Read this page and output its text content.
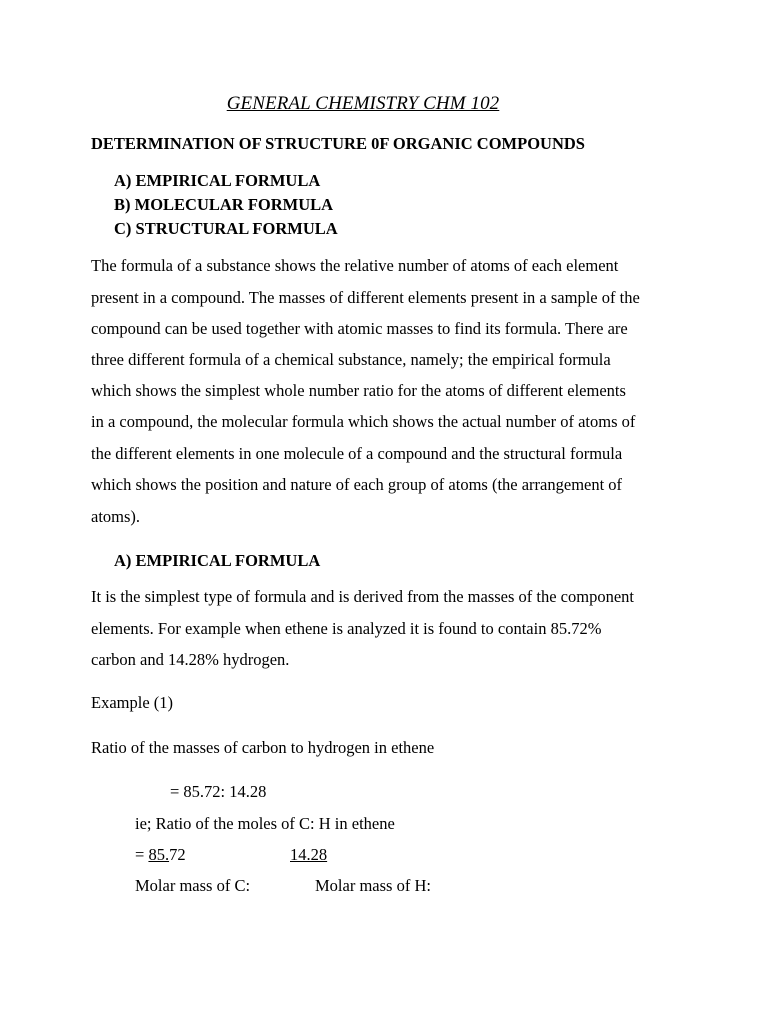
GENERAL CHEMISTRY CHM 102
DETERMINATION OF STRUCTURE 0F ORGANIC COMPOUNDS
A) EMPIRICAL FORMULA
B) MOLECULAR FORMULA
C) STRUCTURAL FORMULA
The formula of a substance shows the relative number of atoms of each element
present in a compound. The masses of different elements present in a sample of the
compound can be used together with atomic masses to find its formula. There are
three different formula of a chemical substance, namely; the empirical formula
which shows the simplest whole number ratio for the atoms of different elements
in a compound, the molecular formula which shows the actual number of atoms of
the different elements in one molecule of a compound and the structural formula
which shows the position and nature of each group of atoms (the arrangement of
atoms).
A) EMPIRICAL FORMULA
It is the simplest type of formula and is derived from the masses of the component
elements. For example when ethene is analyzed it is found to contain 85.72%
carbon and 14.28% hydrogen.
Example (1)
Ratio of the masses of carbon to hydrogen in ethene
= 85.72: 14.28
ie; Ratio of the moles of C: H in ethene
= 85.72	14.28
Molar mass of C:	Molar mass of H:
